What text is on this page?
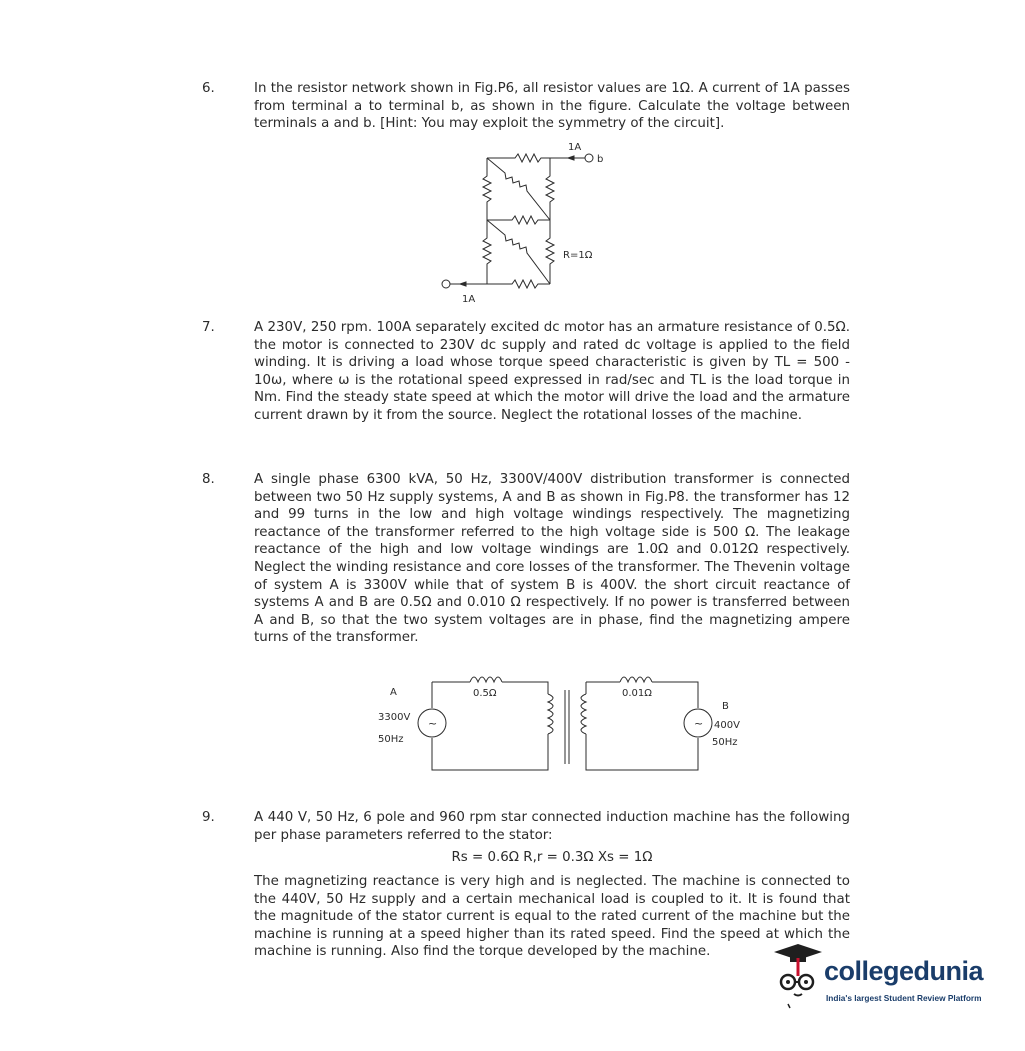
6.	In the resistor network shown in Fig.P6, all resistor values are 1Ω. A current of 1A passes from terminal a to terminal b, as shown in the figure. Calculate the voltage between terminals a and b. [Hint: You may exploit the symmetry of the circuit].

1A
b
R=1Ω
1A
7.	A 230V, 250 rpm. 100A separately excited dc motor has an armature resistance of 0.5Ω. the motor is connected to 230V dc supply and rated dc voltage is applied to the field winding. It is driving a load whose torque speed characteristic is given by TL = 500 - 10ω, where ω is the rotational speed expressed in rad/sec and TL is the load torque in Nm. Find the steady state speed at which the motor will drive the load and the armature current drawn by it from the source. Neglect the rotational losses of the machine.

8.	A single phase 6300 kVA, 50 Hz, 3300V/400V distribution transformer is connected between two 50 Hz supply systems, A and B as shown in Fig.P8. the transformer has 12 and 99 turns in the low and high voltage windings respectively. The magnetizing reactance of the transformer referred to the high voltage side is 500 Ω. The leakage reactance of the high and low voltage windings are 1.0Ω and 0.012Ω respectively. Neglect the winding resistance and core losses of the transformer. The Thevenin voltage of system A is 3300V while that of system B is 400V. the short circuit reactance of systems A and B are 0.5Ω and 0.010 Ω respectively. If no power is transferred between A and B, so that the two system voltages are in phase, find the magnetizing ampere turns of the transformer.

~	~
A
3300V
50Hz
0.5Ω	0.01Ω
B
400V
50Hz
9.	A 440 V, 50 Hz, 6 pole and 960 rpm star connected induction machine has the following per phase parameters referred to the stator:

Rs = 0.6Ω R,r = 0.3Ω Xs = 1Ω

The magnetizing reactance is very high and is neglected. The machine is connected to the 440V, 50 Hz supply and a certain mechanical load is coupled to it. It is found that the magnitude of the stator current is equal to the rated current of the machine but the machine is running at a speed higher than its rated speed. Find the speed at which the machine is running. Also find the torque developed by the machine.

collegedunia
India's largest Student Review Platform
